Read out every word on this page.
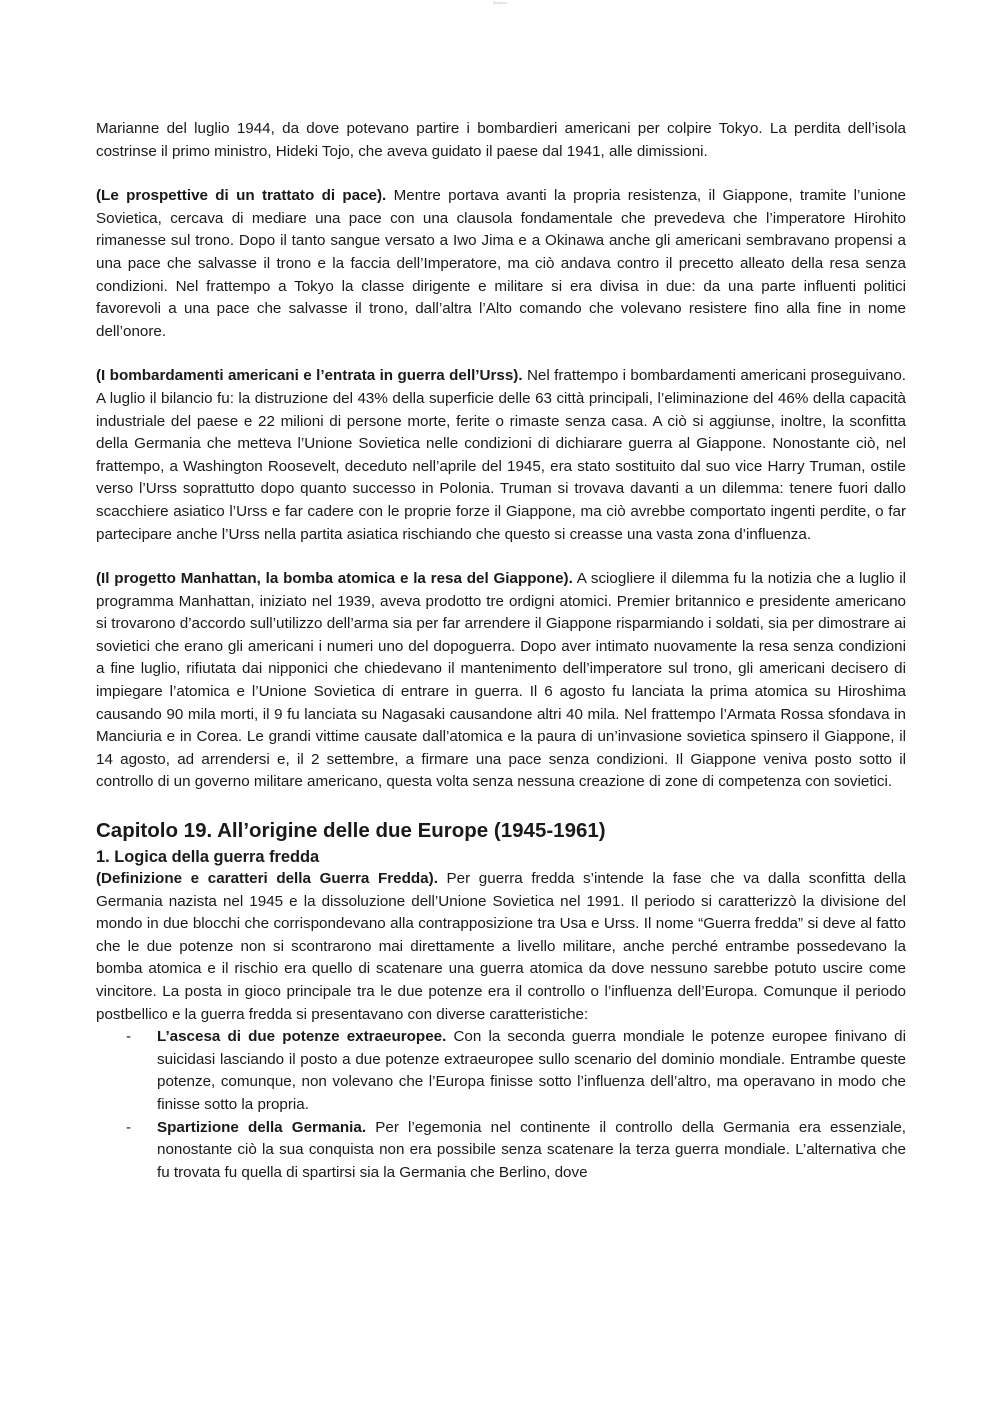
Studocu

Marianne del luglio 1944, da dove potevano partire i bombardieri americani per colpire Tokyo. La perdita dell’isola costrinse il primo ministro, Hideki Tojo, che aveva guidato il paese dal 1941, alle dimissioni.

(Le prospettive di un trattato di pace). Mentre portava avanti la propria resistenza, il Giappone, tramite l’unione Sovietica, cercava di mediare una pace con una clausola fondamentale che prevedeva che l’imperatore Hirohito rimanesse sul trono. Dopo il tanto sangue versato a Iwo Jima e a Okinawa anche gli americani sembravano propensi a una pace che salvasse il trono e la faccia dell’Imperatore, ma ciò andava contro il precetto alleato della resa senza condizioni. Nel frattempo a Tokyo la classe dirigente e militare si era divisa in due: da una parte influenti politici favorevoli a una pace che salvasse il trono, dall’altra l’Alto comando che volevano resistere fino alla fine in nome dell’onore.

(I bombardamenti americani e l’entrata in guerra dell’Urss). Nel frattempo i bombardamenti americani proseguivano. A luglio il bilancio fu: la distruzione del 43% della superficie delle 63 città principali, l’eliminazione del 46% della capacità industriale del paese e 22 milioni di persone morte, ferite o rimaste senza casa. A ciò si aggiunse, inoltre, la sconfitta della Germania che metteva l’Unione Sovietica nelle condizioni di dichiarare guerra al Giappone. Nonostante ciò, nel frattempo, a Washington Roosevelt, deceduto nell’aprile del 1945, era stato sostituito dal suo vice Harry Truman, ostile verso l’Urss soprattutto dopo quanto successo in Polonia. Truman si trovava davanti a un dilemma: tenere fuori dallo scacchiere asiatico l’Urss e far cadere con le proprie forze il Giappone, ma ciò avrebbe comportato ingenti perdite, o far partecipare anche l’Urss nella partita asiatica rischiando che questo si creasse una vasta zona d’influenza.

(Il progetto Manhattan, la bomba atomica e la resa del Giappone). A sciogliere il dilemma fu la notizia che a luglio il programma Manhattan, iniziato nel 1939, aveva prodotto tre ordigni atomici. Premier britannico e presidente americano si trovarono d’accordo sull’utilizzo dell’arma sia per far arrendere il Giappone risparmiando i soldati, sia per dimostrare ai sovietici che erano gli americani i numeri uno del dopoguerra. Dopo aver intimato nuovamente la resa senza condizioni a fine luglio, rifiutata dai nipponici che chiedevano il mantenimento dell’imperatore sul trono, gli americani decisero di impiegare l’atomica e l’Unione Sovietica di entrare in guerra. Il 6 agosto fu lanciata la prima atomica su Hiroshima causando 90 mila morti, il 9 fu lanciata su Nagasaki causandone altri 40 mila. Nel frattempo l’Armata Rossa sfondava in Manciuria e in Corea. Le grandi vittime causate dall’atomica e la paura di un’invasione sovietica spinsero il Giappone, il 14 agosto, ad arrendersi e, il 2 settembre, a firmare una pace senza condizioni. Il Giappone veniva posto sotto il controllo di un governo militare americano, questa volta senza nessuna creazione di zone di competenza con sovietici.

Capitolo 19. All’origine delle due Europe (1945-1961)
1. Logica della guerra fredda

(Definizione e caratteri della Guerra Fredda). Per guerra fredda s’intende la fase che va dalla sconfitta della Germania nazista nel 1945 e la dissoluzione dell’Unione Sovietica nel 1991. Il periodo si caratterizzò la divisione del mondo in due blocchi che corrispondevano alla contrapposizione tra Usa e Urss. Il nome “Guerra fredda” si deve al fatto che le due potenze non si scontrarono mai direttamente a livello militare, anche perché entrambe possedevano la bomba atomica e il rischio era quello di scatenare una guerra atomica da dove nessuno sarebbe potuto uscire come vincitore. La posta in gioco principale tra le due potenze era il controllo o l’influenza dell’Europa. Comunque il periodo postbellico e la guerra fredda si presentavano con diverse caratteristiche:

- L’ascesa di due potenze extraeuropee. Con la seconda guerra mondiale le potenze europee finivano di suicidasi lasciando il posto a due potenze extraeuropee sullo scenario del dominio mondiale. Entrambe queste potenze, comunque, non volevano che l’Europa finisse sotto l’influenza dell’altro, ma operavano in modo che finisse sotto la propria.
- Spartizione della Germania. Per l’egemonia nel continente il controllo della Germania era essenziale, nonostante ciò la sua conquista non era possibile senza scatenare la terza guerra mondiale. L’alternativa che fu trovata fu quella di spartirsi sia la Germania che Berlino, dove
